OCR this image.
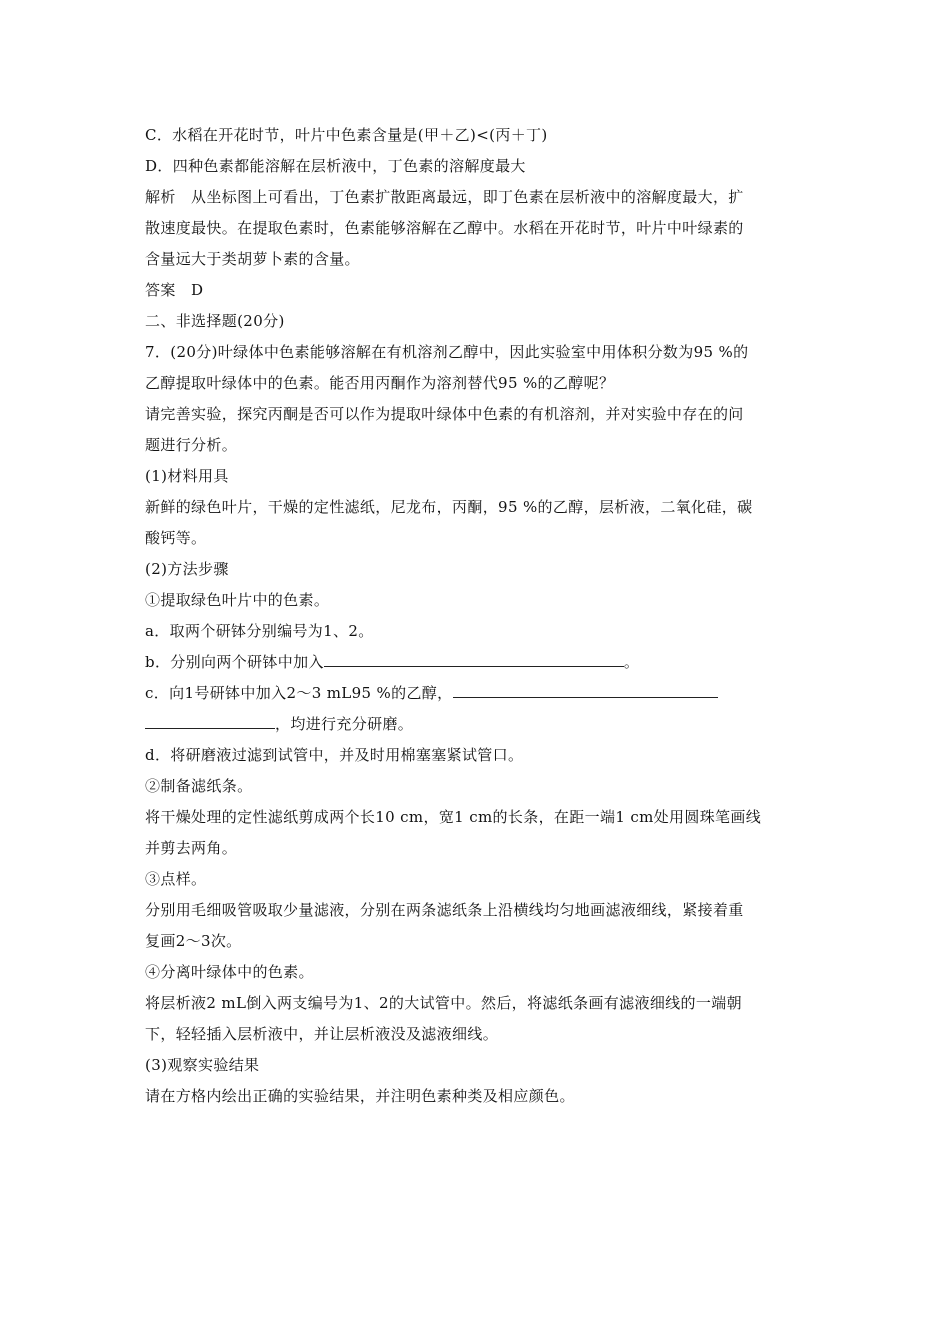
C．水稻在开花时节，叶片中色素含量是(甲＋乙)<(丙＋丁)
D．四种色素都能溶解在层析液中，丁色素的溶解度最大
解析　从坐标图上可看出，丁色素扩散距离最远，即丁色素在层析液中的溶解度最大，扩
散速度最快。在提取色素时，色素能够溶解在乙醇中。水稻在开花时节，叶片中叶绿素的
含量远大于类胡萝卜素的含量。
答案　D
二、非选择题(20分)
7．(20分)叶绿体中色素能够溶解在有机溶剂乙醇中，因此实验室中用体积分数为95 %的
乙醇提取叶绿体中的色素。能否用丙酮作为溶剂替代95 %的乙醇呢？
请完善实验，探究丙酮是否可以作为提取叶绿体中色素的有机溶剂，并对实验中存在的问
题进行分析。
(1)材料用具
新鲜的绿色叶片，干燥的定性滤纸，尼龙布，丙酮，95 %的乙醇，层析液，二氧化硅，碳
酸钙等。
(2)方法步骤
①提取绿色叶片中的色素。
a．取两个研钵分别编号为1、2。
b．分别向两个研钵中加入	。
c．向1号研钵中加入2～3 mL95 %的乙醇，
，均进行充分研磨。
d．将研磨液过滤到试管中，并及时用棉塞塞紧试管口。
②制备滤纸条。
将干燥处理的定性滤纸剪成两个长10 cm，宽1 cm的长条，在距一端1 cm处用圆珠笔画线
并剪去两角。
③点样。
分别用毛细吸管吸取少量滤液，分别在两条滤纸条上沿横线均匀地画滤液细线，紧接着重
复画2～3次。
④分离叶绿体中的色素。
将层析液2 mL倒入两支编号为1、2的大试管中。然后，将滤纸条画有滤液细线的一端朝
下，轻轻插入层析液中，并让层析液没及滤液细线。
(3)观察实验结果
请在方格内绘出正确的实验结果，并注明色素种类及相应颜色。
